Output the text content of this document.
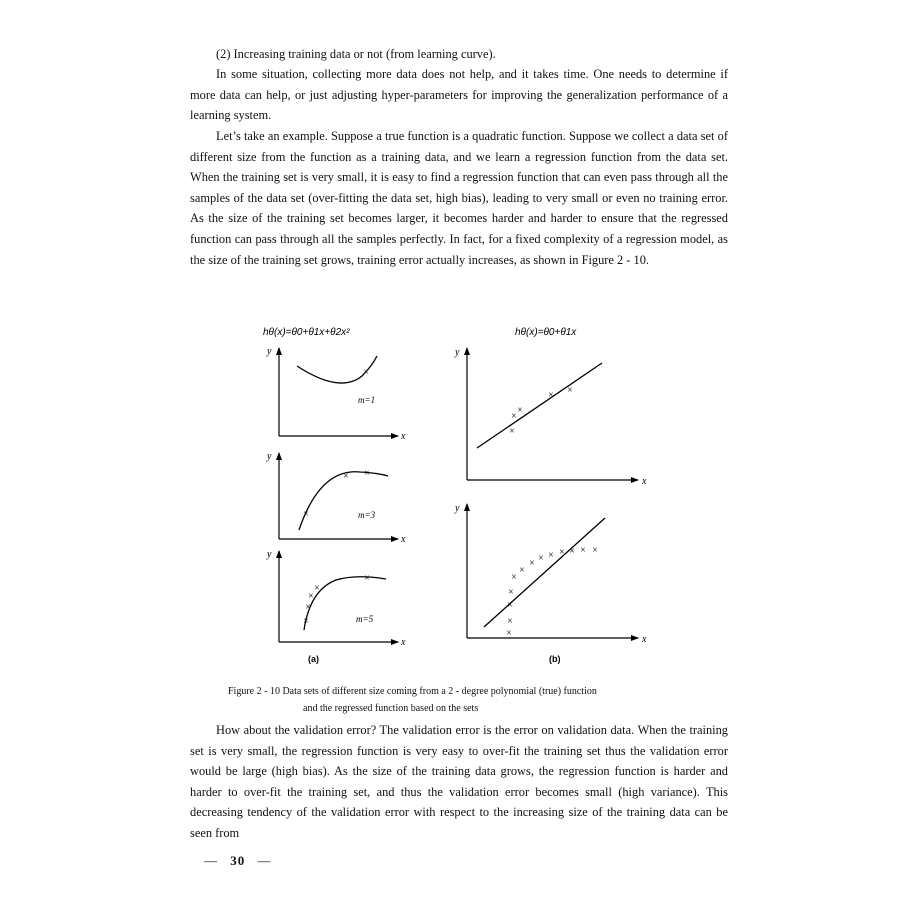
(2) Increasing training data or not (from learning curve).

In some situation, collecting more data does not help, and it takes time. One needs to determine if more data can help, or just adjusting hyper-parameters for improving the generalization performance of a learning system.

Let’s take an example. Suppose a true function is a quadratic function. Suppose we collect a data set of different size from the function as a training data, and we learn a regression function from the data set. When the training set is very small, it is easy to find a regression function that can even pass through all the samples of the data set (over-fitting the data set, high bias), leading to very small or even no training error. As the size of the training set becomes larger, it becomes harder and harder to ensure that the regressed function can pass through all the samples perfectly. In fact, for a fixed complexity of a regression model, as the size of the training set grows, training error actually increases, as shown in Figure 2 - 10.

hθ(x)=θ0+θ1x+θ2x²
y
x
×
m=1
y
x
×
× ×
m=3
y
x
×
×
×
×
×
m=5
(a)
hθ(x)=θ0+θ1x
y
x
×
×
×
× ×
y
x
×
×
×
×
×
×
× × × × × × ×
(b)

Figure 2 - 10 Data sets of different size coming from a 2 - degree polynomial (true) function

and the regressed function based on the sets

How about the validation error? The validation error is the error on validation data. When the training set is very small, the regression function is very easy to over-fit the training set thus the validation error would be large (high bias). As the size of the training data grows, the regression function is harder and harder to over-fit the training set, and thus the validation error becomes small (high variance). This decreasing tendency of the validation error with respect to the increasing size of the training data can be seen from

— 30 —
